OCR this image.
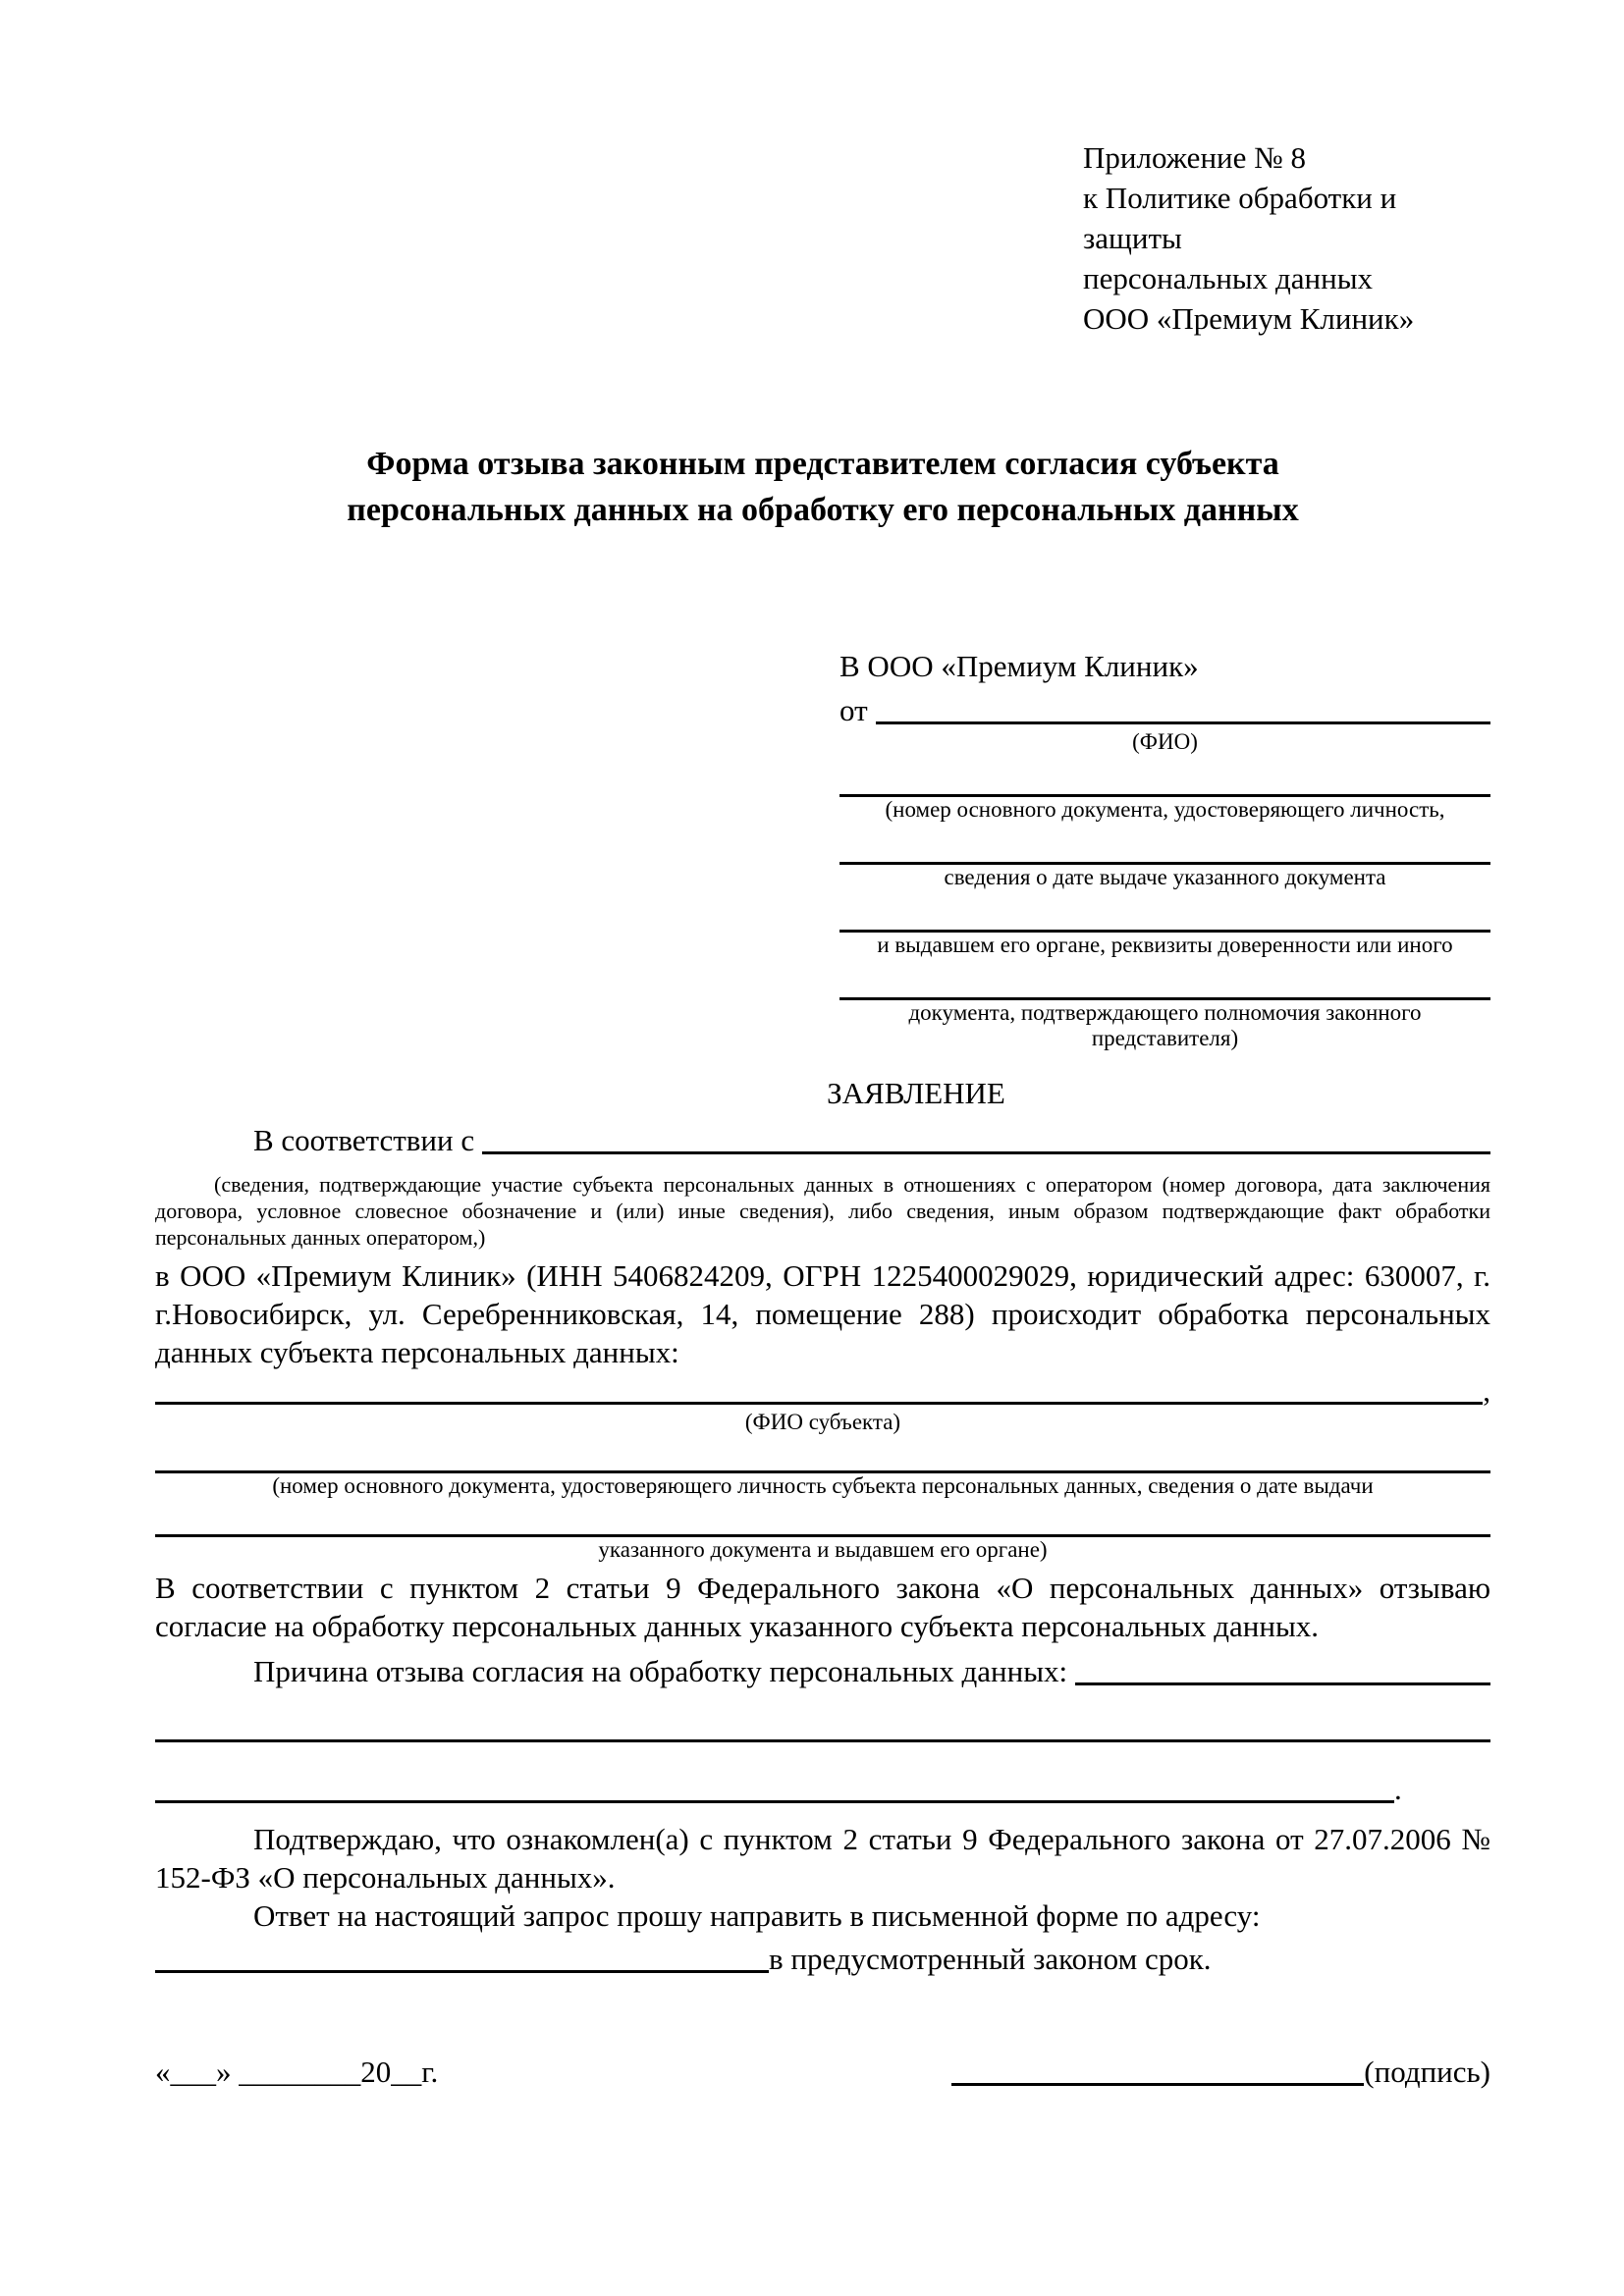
Приложение № 8
к Политике обработки и защиты
персональных данных
ООО «Премиум Клиник»
Форма отзыва законным представителем согласия субъекта
персональных данных на обработку его персональных данных
В ООО «Премиум Клиник»
от
(ФИО)
(номер основного документа, удостоверяющего личность,
сведения о дате выдаче указанного документа
и выдавшем его органе, реквизиты доверенности или иного
документа, подтверждающего полномочия законного представителя)
ЗАЯВЛЕНИЕ
В соответствии с
(сведения, подтверждающие участие субъекта персональных данных в отношениях с оператором (номер договора, дата заключения договора, условное словесное обозначение и (или) иные сведения), либо сведения, иным образом подтверждающие факт обработки персональных данных оператором,)

в ООО «Премиум Клиник» (ИНН 5406824209, ОГРН 1225400029029, юридический адрес: 630007, г. г.Новосибирск, ул. Серебренниковская, 14, помещение 288) происходит обработка персональных данных субъекта персональных данных:

,
(ФИО субъекта)
(номер основного документа, удостоверяющего личность субъекта персональных данных, сведения о дате выдачи
указанного документа и выдавшем его органе)

В соответствии с пунктом 2 статьи 9 Федерального закона «О персональных данных» отзываю согласие на обработку персональных данных указанного субъекта персональных данных.

Причина отзыва согласия на обработку персональных данных:
.

Подтверждаю, что ознакомлен(а) с пунктом 2 статьи 9 Федерального закона от 27.07.2006 № 152-ФЗ «О персональных данных».

Ответ на настоящий запрос прошу направить в письменной форме по адресу:

в предусмотренный законом срок.
«___» ________20__г.	(подпись)
